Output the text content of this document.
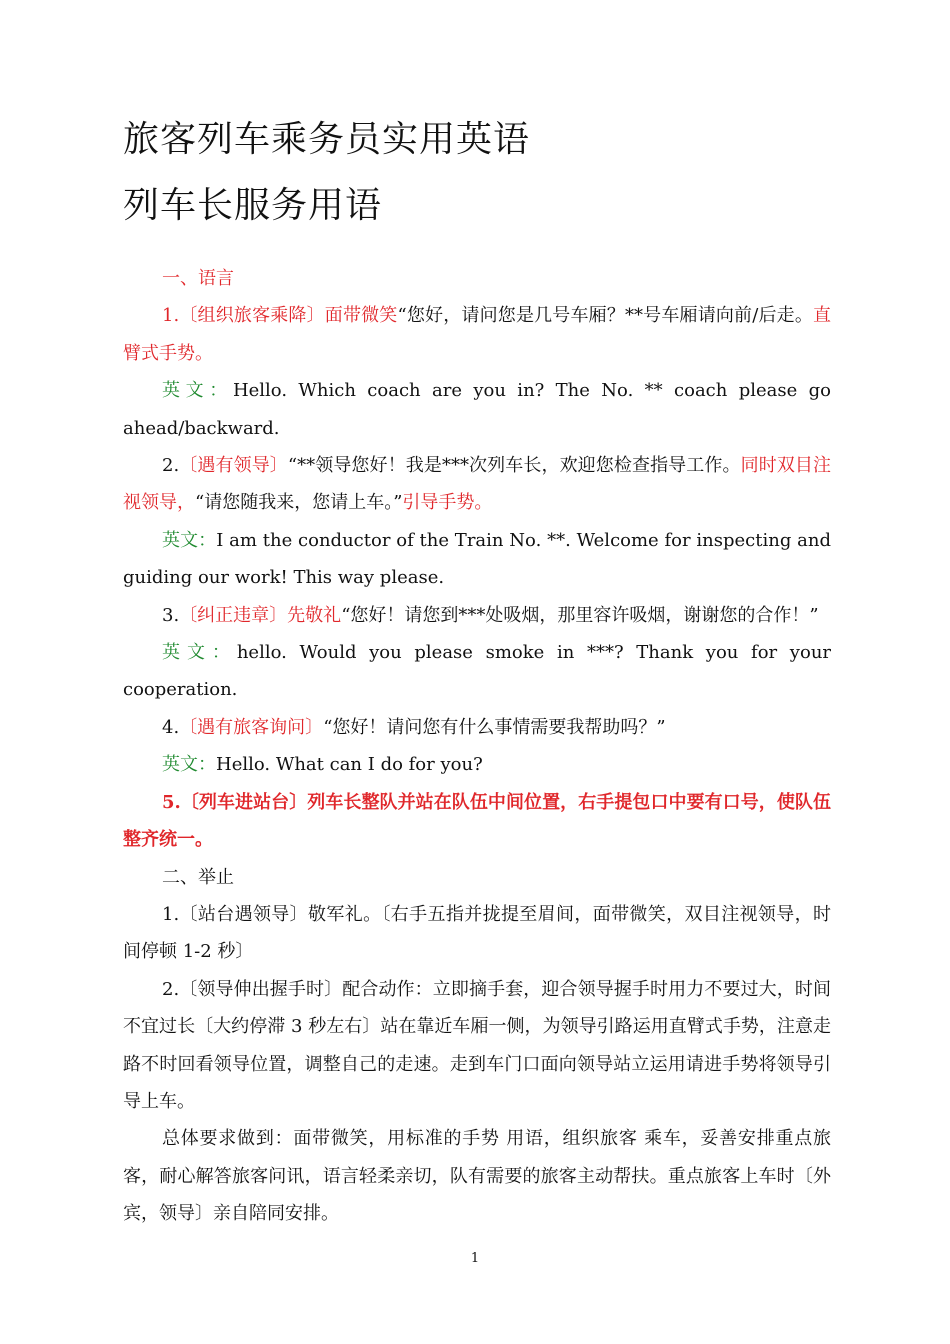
旅客列车乘务员实用英语
列车长服务用语

一、语言

1.〔组织旅客乘降〕面带微笑“您好，请问您是几号车厢？**号车厢请向前/后走。直臂式手势。

英文：Hello. Which coach are you in? The No. ** coach please go ahead/backward.

2.〔遇有领导〕“**领导您好！我是***次列车长，欢迎您检查指导工作。同时双目注视领导，“请您随我来，您请上车。”引导手势。

英文：I am the conductor of the Train No. **. Welcome for inspecting and guiding our work! This way please.

3.〔纠正违章〕先敬礼“您好！请您到***处吸烟，那里容许吸烟，谢谢您的合作！”

英文：hello. Would you please smoke in ***? Thank you for your cooperation.

4.〔遇有旅客询问〕“您好！请问您有什么事情需要我帮助吗？”

英文：Hello. What can I do for you?

5.〔列车进站台〕列车长整队并站在队伍中间位置，右手提包口中要有口号，使队伍整齐统一。

二、举止

1.〔站台遇领导〕敬军礼。〔右手五指并拢提至眉间，面带微笑，双目注视领导，时间停顿 1-2 秒〕

2.〔领导伸出握手时〕配合动作：立即摘手套，迎合领导握手时用力不要过大，时间不宜过长〔大约停滞 3 秒左右〕站在靠近车厢一侧，为领导引路运用直臂式手势，注意走路不时回看领导位置，调整自己的走速。走到车门口面向领导站立运用请进手势将领导引导上车。

总体要求做到：面带微笑，用标准的手势 用语，组织旅客 乘车，妥善安排重点旅客，耐心解答旅客问讯，语言轻柔亲切，队有需要的旅客主动帮扶。重点旅客上车时〔外宾，领导〕亲自陪同安排。

1
